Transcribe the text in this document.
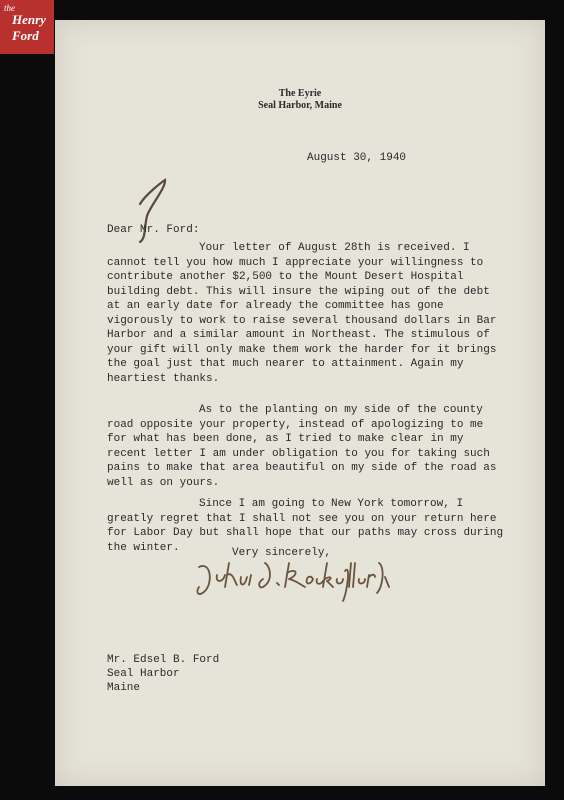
the
Henry
Ford
The Eyrie
Seal Harbor, Maine
August 30, 1940
Dear Mr. Ford:

Your letter of August 28th is received. I cannot tell you how much I appreciate your willingness to contribute another $2,500 to the Mount Desert Hospital building debt. This will insure the wiping out of the debt at an early date for already the committee has gone vigorously to work to raise several thousand dollars in Bar Harbor and a similar amount in Northeast. The stimulous of your gift will only make them work the harder for it brings the goal just that much nearer to attainment. Again my heartiest thanks.

As to the planting on my side of the county road opposite your property, instead of apologizing to me for what has been done, as I tried to make clear in my recent letter I am under obligation to you for taking such pains to make that area beautiful on my side of the road as well as on yours.

Since I am going to New York tomorrow, I greatly regret that I shall not see you on your return here for Labor Day but shall hope that our paths may cross during the winter.	Very sincerely,
Mr. Edsel B. Ford
Seal Harbor
Maine
